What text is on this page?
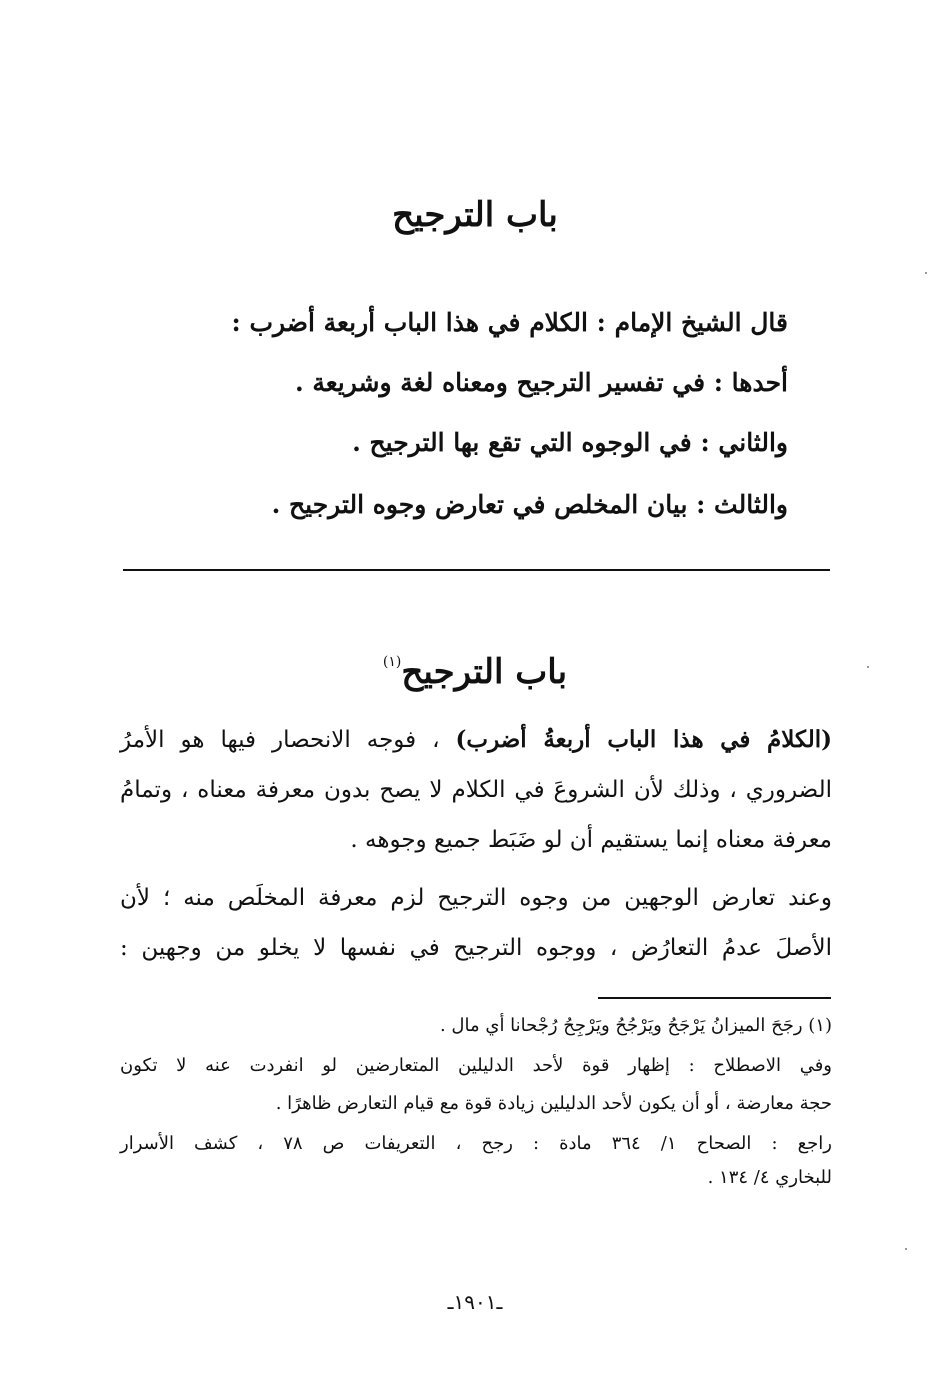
باب الترجيح

قال الشيخ الإمام : الكلام في هذا الباب أربعة أضرب :

أحدها : في تفسير الترجيح ومعناه لغة وشريعة .

والثاني : في الوجوه التي تقع بها الترجيح .

والثالث : بيان المخلص في تعارض وجوه الترجيح .

باب الترجيح$^{(١)}$

(الكلامُ في هذا الباب أربعةُ أضرب) ، فوجه الانحصار فيها هو الأمرُ

الضروري ، وذلك لأن الشروعَ في الكلام لا يصح بدون معرفة معناه ، وتمامُ

معرفة معناه إنما يستقيم أن لو ضَبَط جميع وجوهه .

وعند تعارض الوجهين من وجوه الترجيح لزم معرفة المخلَص منه ؛ لأن

الأصلَ عدمُ التعارُض ، ووجوه الترجيح في نفسها لا يخلو من وجهين :

(١) رجَحَ الميزانُ يَرْجَحُ ويَرْجُحُ ويَرْجِحُ رُجْحانا أي مال .

وفي الاصطلاح : إظهار قوة لأحد الدليلين المتعارضين لو انفردت عنه لا تكون

حجة معارضة ، أو أن يكون لأحد الدليلين زيادة قوة مع قيام التعارض ظاهرًا .

راجع : الصحاح ١/ ٣٦٤ مادة : رجح ، التعريفات ص ٧٨ ، كشف الأسرار

للبخاري ٤/ ١٣٤ .

ـ١٩٠١ـ
